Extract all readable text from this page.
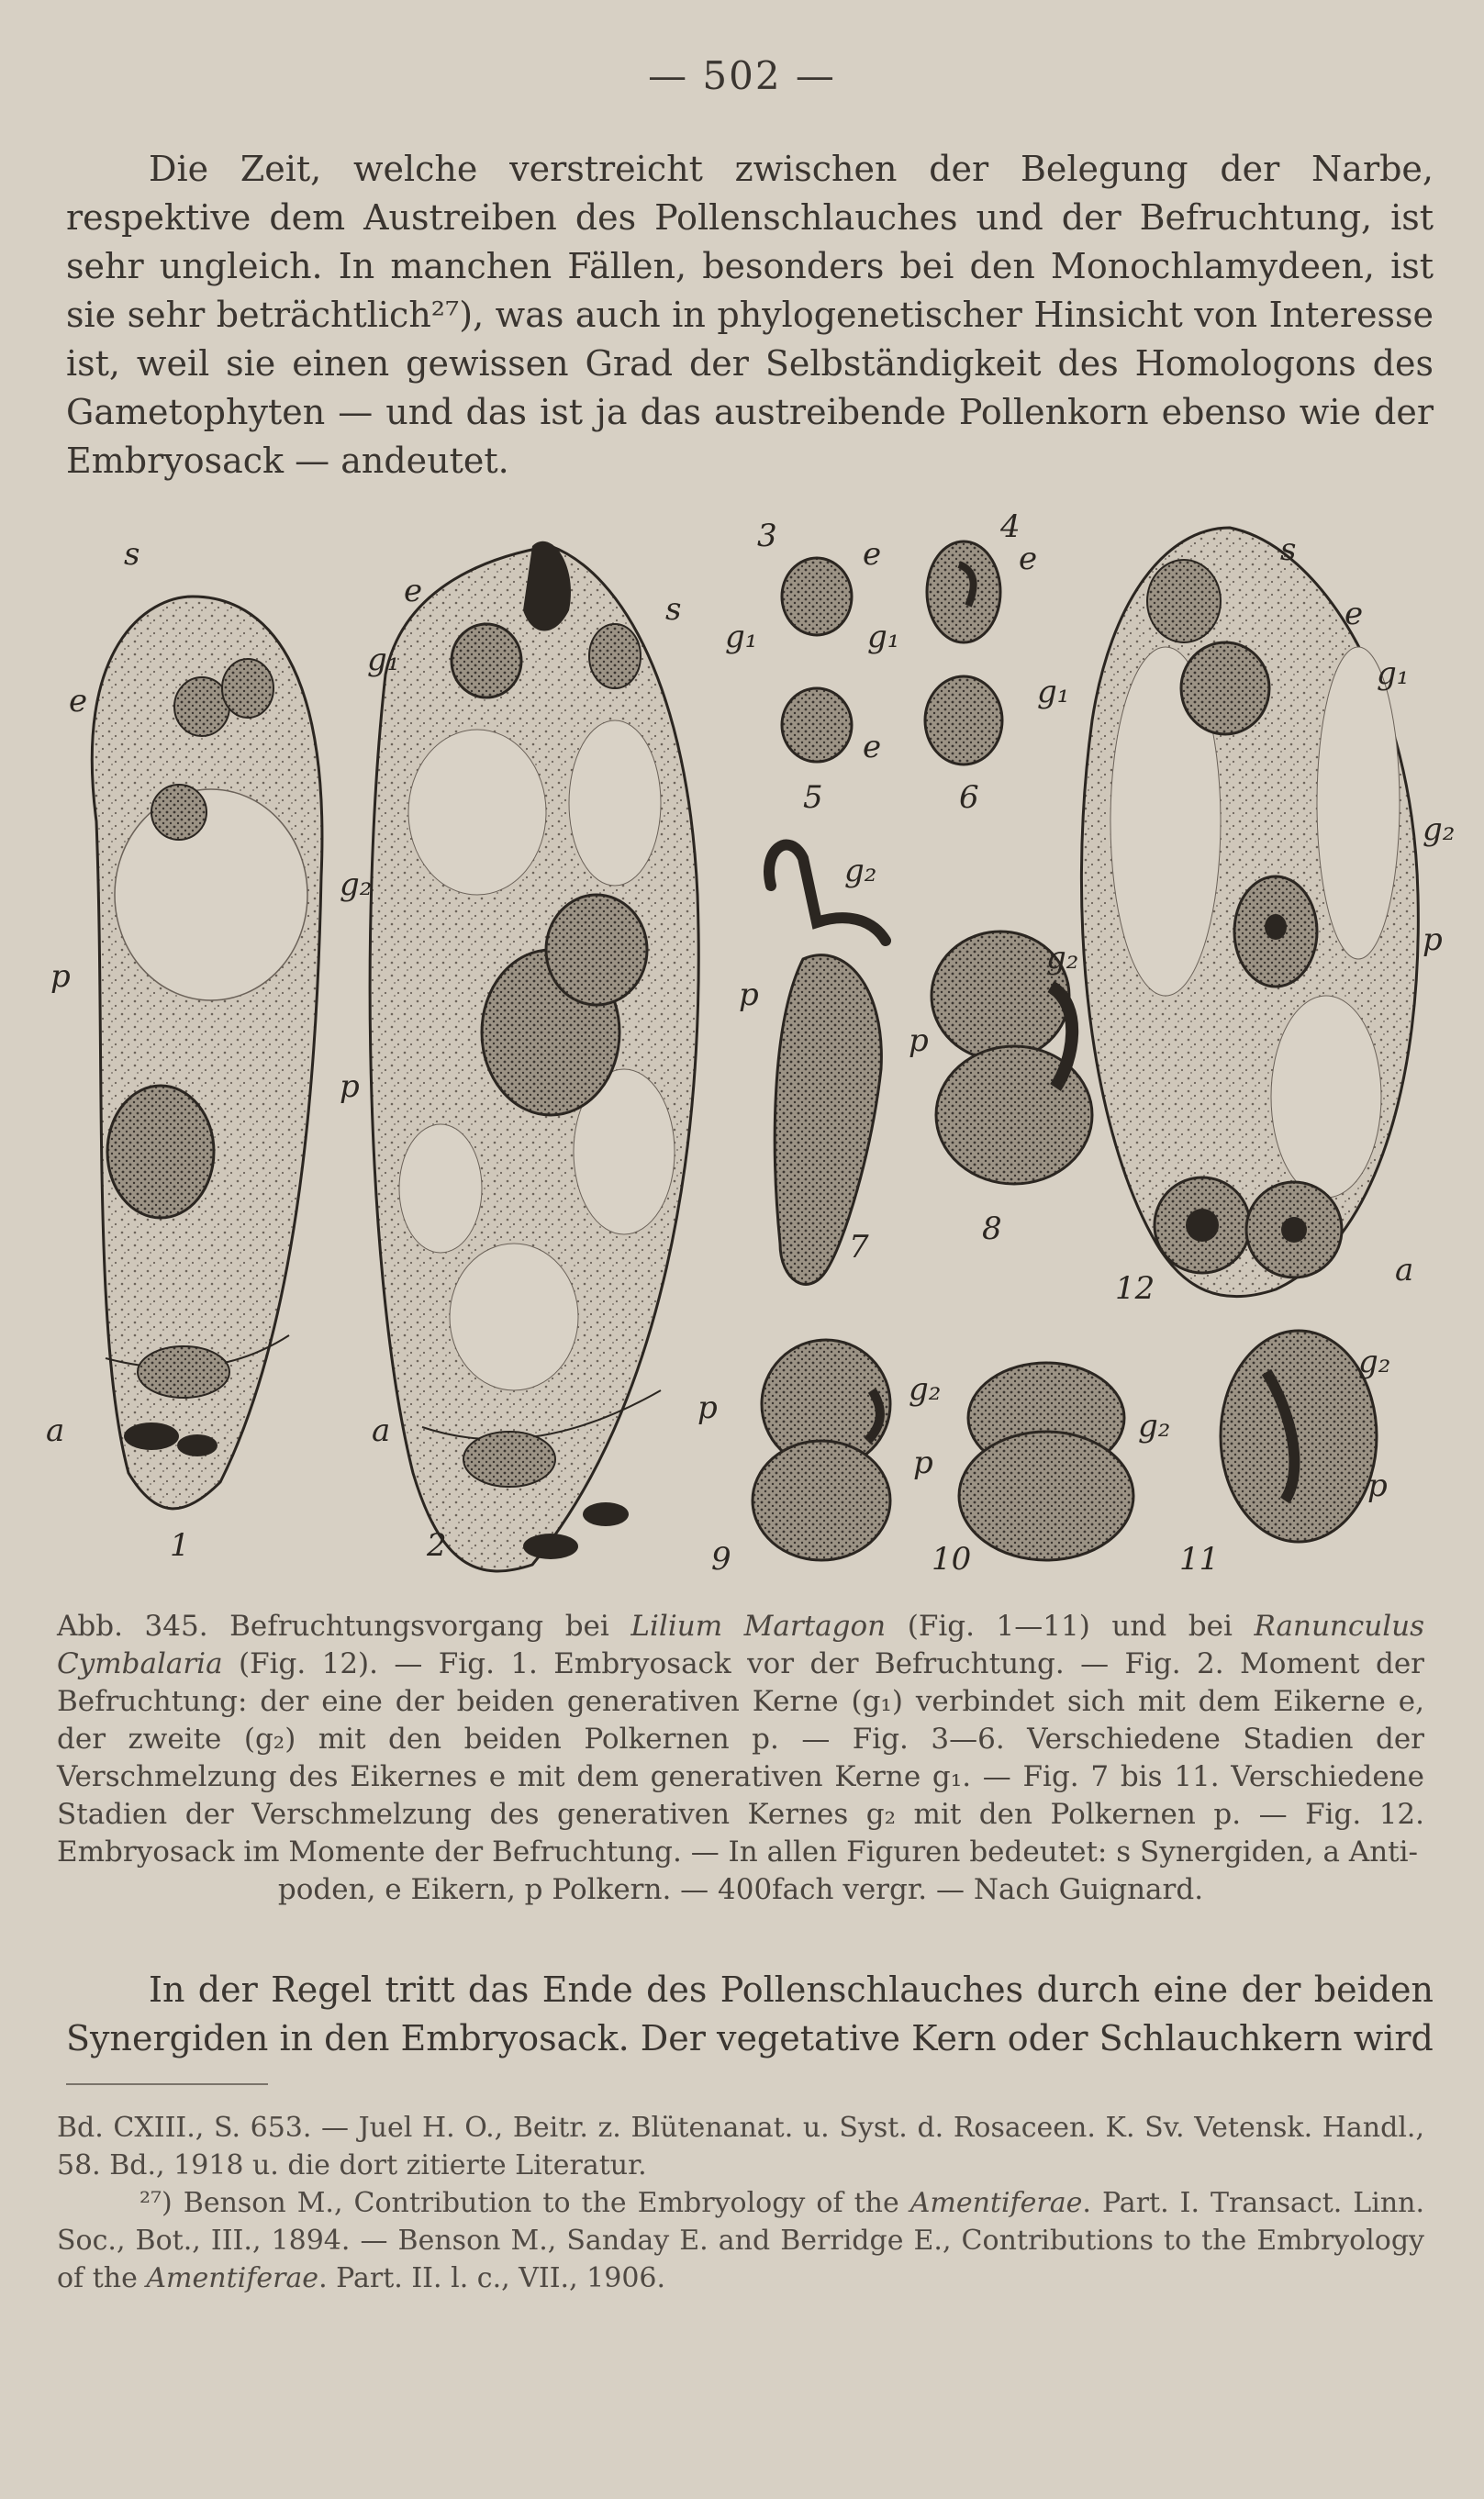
— 502 —
Die Zeit, welche verstreicht zwischen der Belegung der Narbe, respektive dem Austreiben des Pollenschlauches und der Befruchtung, ist sehr ungleich. In manchen Fällen, besonders bei den Monochlamydeen, ist sie sehr beträchtlich²⁷), was auch in phylogenetischer Hinsicht von Interesse ist, weil sie einen gewissen Grad der Selbständigkeit des Homologons des Gametophyten — und das ist ja das austreibende Pollenkorn ebenso wie der Embryosack — andeutet.
s
e
p
a
1
e
g₁
s
g₂
p
a
2
3	e
g₁
4
e
g₁
e
5
g₁
6
g₂
p
7
g₂
p
8
g₂
p
9
g₂
p
10
g₂
p
11
s
e
g₁
g₂
p
a
12
Abb. 345. Befruchtungsvorgang bei Lilium Martagon (Fig. 1—11) und bei Ranunculus Cymbalaria (Fig. 12). — Fig. 1. Embryosack vor der Befruchtung. — Fig. 2. Moment der Befruchtung: der eine der beiden generativen Kerne (g₁) verbindet sich mit dem Eikerne e, der zweite (g₂) mit den beiden Polkernen p. — Fig. 3—6. Verschiedene Stadien der Verschmelzung des Eikernes e mit dem generativen Kerne g₁. — Fig. 7 bis 11. Verschiedene Stadien der Verschmelzung des generativen Kernes g₂ mit den Polkernen p. — Fig. 12. Embryosack im Momente der Befruchtung. — In allen Figuren bedeutet: s Synergiden, a Anti-
poden, e Eikern, p Polkern. — 400fach vergr. — Nach Guignard.
In der Regel tritt das Ende des Pollenschlauches durch eine der beiden Synergiden in den Embryosack. Der vegetative Kern oder Schlauchkern wird

Bd. CXIII., S. 653. — Juel H. O., Beitr. z. Blütenanat. u. Syst. d. Rosaceen. K. Sv. Vetensk. Handl., 58. Bd., 1918 u. die dort zitierte Literatur.

²⁷) Benson M., Contribution to the Embryology of the Amentiferae. Part. I. Transact. Linn. Soc., Bot., III., 1894. — Benson M., Sanday E. and Berridge E., Contributions to the Embryology of the Amentiferae. Part. II. l. c., VII., 1906.
